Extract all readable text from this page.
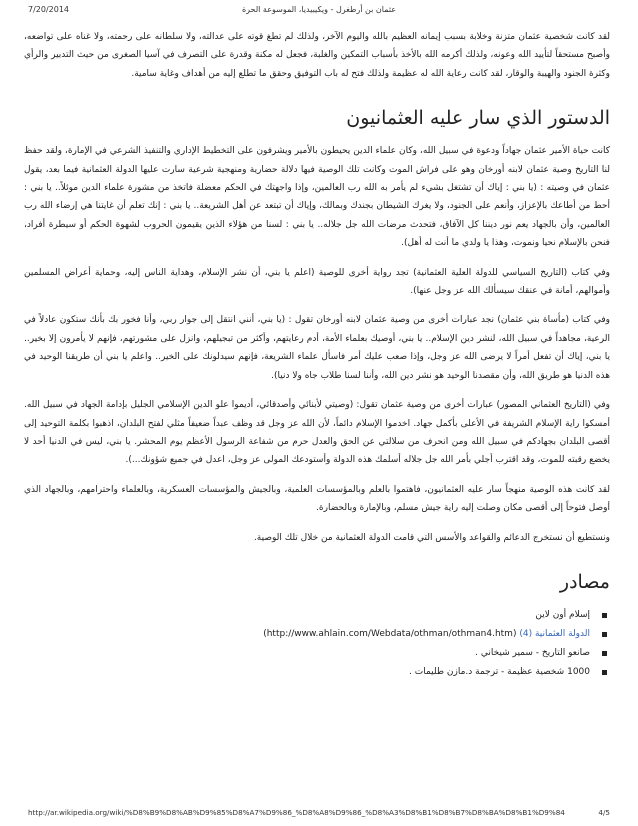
7/20/2014	عثمان بن أرطغرل - ويكيبيديا، الموسوعة الحرة

لقد كانت شخصية عثمان متزنة وخلابة بسبب إيمانه العظيم بالله واليوم الآخر، ولذلك لم تطغ قوته على عدالته، ولا سلطانه على رحمته، ولا غناه على تواضعه، وأصبح مستحقاً لتأييد الله وعونه، ولذلك أكرمه الله بالأخذ بأسباب التمكين والغلبة، فجعل له مكنة وقدرة على التصرف في آسيا الصغرى من حيث التدبير والرأي وكثرة الجنود والهيبة والوقار، لقد كانت رعاية الله له عظيمة ولذلك فتح له باب التوفيق وحقق ما تطلع إليه من أهداف وغاية سامية.

الدستور الذي سار عليه العثمانيون

كانت حياة الأمير عثمان جهاداً ودعوة في سبيل الله، وكان علماء الدين يحيطون بالأمير ويشرفون على التخطيط الإداري والتنفيذ الشرعي في الإمارة، ولقد حفظ لنا التاريخ وصية عثمان لابنه أورخان وهو على فراش الموت وكانت تلك الوصية فيها دلالة حضارية ومنهجية شرعية سارت عليها الدولة العثمانية فيما بعد، يقول عثمان في وصيته : (يا بني : إياك أن تشتغل بشيء لم يأمر به الله رب العالمين، وإذا واجهتك في الحكم معضلة فاتخذ من مشورة علماء الدين موئلاً.. يا بني : أحط من أطاعك بالإعزاز، وأنعم على الجنود، ولا يغرك الشيطان بجندك وبمالك، وإياك أن تبتعد عن أهل الشريعة.. يا بني : إنك تعلم أن غايتنا هي إرضاء الله رب العالمين، وأن بالجهاد يعم نور ديننا كل الآفاق، فتحدث مرضات الله جل جلاله.. يا بني : لسنا من هؤلاء الذين يقيمون الحروب لشهوة الحكم أو سيطرة أفراد، فنحن بالإسلام نحيا ونموت، وهذا يا ولدي ما أنت له أهل).

وفي كتاب (التاريخ السياسي للدولة العلية العثمانية) تجد رواية أخرى للوصية (اعلم يا بني، أن نشر الإسلام، وهداية الناس إليه، وحماية أعراض المسلمين وأموالهم، أمانة في عنقك سيسألك الله عز وجل عنها).

وفي كتاب (مأساة بني عثمان) نجد عبارات أخرى من وصية عثمان لابنه أورخان تقول : (يا بني، أنني انتقل إلى جوار ربي، وأنا فخور بك بأنك ستكون عادلاً في الرعية، مجاهداً في سبيل الله، لنشر دين الإسلام.. يا بني، أوصيك بعلماء الأمة، أدم رعايتهم، وأكثر من تبجيلهم، وانزل على مشورتهم، فإنهم لا يأمرون إلا بخير.. يا بني، إياك أن تفعل أمراً لا يرضى الله عز وجل، وإذا صعب عليك أمر فاسأل علماء الشريعة، فإنهم سيدلونك على الخير.. واعلم يا بني أن طريقنا الوحيد في هذه الدنيا هو طريق الله، وأن مقصدنا الوحيد هو نشر دين الله، وأننا لسنا طلاب جاه ولا دنيا).

وفي (التاريخ العثماني المصور) عبارات أخرى من وصية عثمان تقول: (وصيتي لأبنائي وأصدقائي، أديموا علو الدين الإسلامي الجليل بإدامة الجهاد في سبيل الله. أمسكوا راية الإسلام الشريفة في الأعلى بأكمل جهاد. اخدموا الإسلام دائماً، لأن الله عز وجل قد وظف عبداً ضعيفاً مثلي لفتح البلدان، اذهبوا بكلمة التوحيد إلى أقصى البلدان بجهادكم في سبيل الله ومن انحرف من سلالتي عن الحق والعدل حرم من شفاعة الرسول الأعظم يوم المحشر. يا بني، ليس في الدنيا أحد لا يخضع رقبته للموت، وقد اقترب أجلي بأمر الله جل جلاله أسلمك هذه الدولة وأستودعك المولى عز وجل، اعدل في جميع شؤونك...).

لقد كانت هذه الوصية منهجاً سار عليه العثمانيون، فاهتموا بالعلم وبالمؤسسات العلمية، وبالجيش والمؤسسات العسكرية، وبالعلماء واحترامهم، وبالجهاد الذي أوصل فتوحاً إلى أقصى مكان وصلت إليه راية جيش مسلم، وبالإمارة وبالحضارة.

ونستطيع أن نستخرج الدعائم والقواعد والأسس التي قامت الدولة العثمانية من خلال تلك الوصية.

مصادر
إسلام أون لاين
الدولة العثمانية (4) (http://www.ahlain.com/Webdata/othman/othman4.htm)
صانعو التاريخ - سمير شيخاني .
1000 شخصية عظيمة - ترجمة د.مازن طليمات .
http://ar.wikipedia.org/wiki/%D8%B9%D8%AB%D9%85%D8%A7%D9%86_%D8%A8%D9%86_%D8%A3%D8%B1%D8%B7%D8%BA%D8%B1%D9%84	4/5
